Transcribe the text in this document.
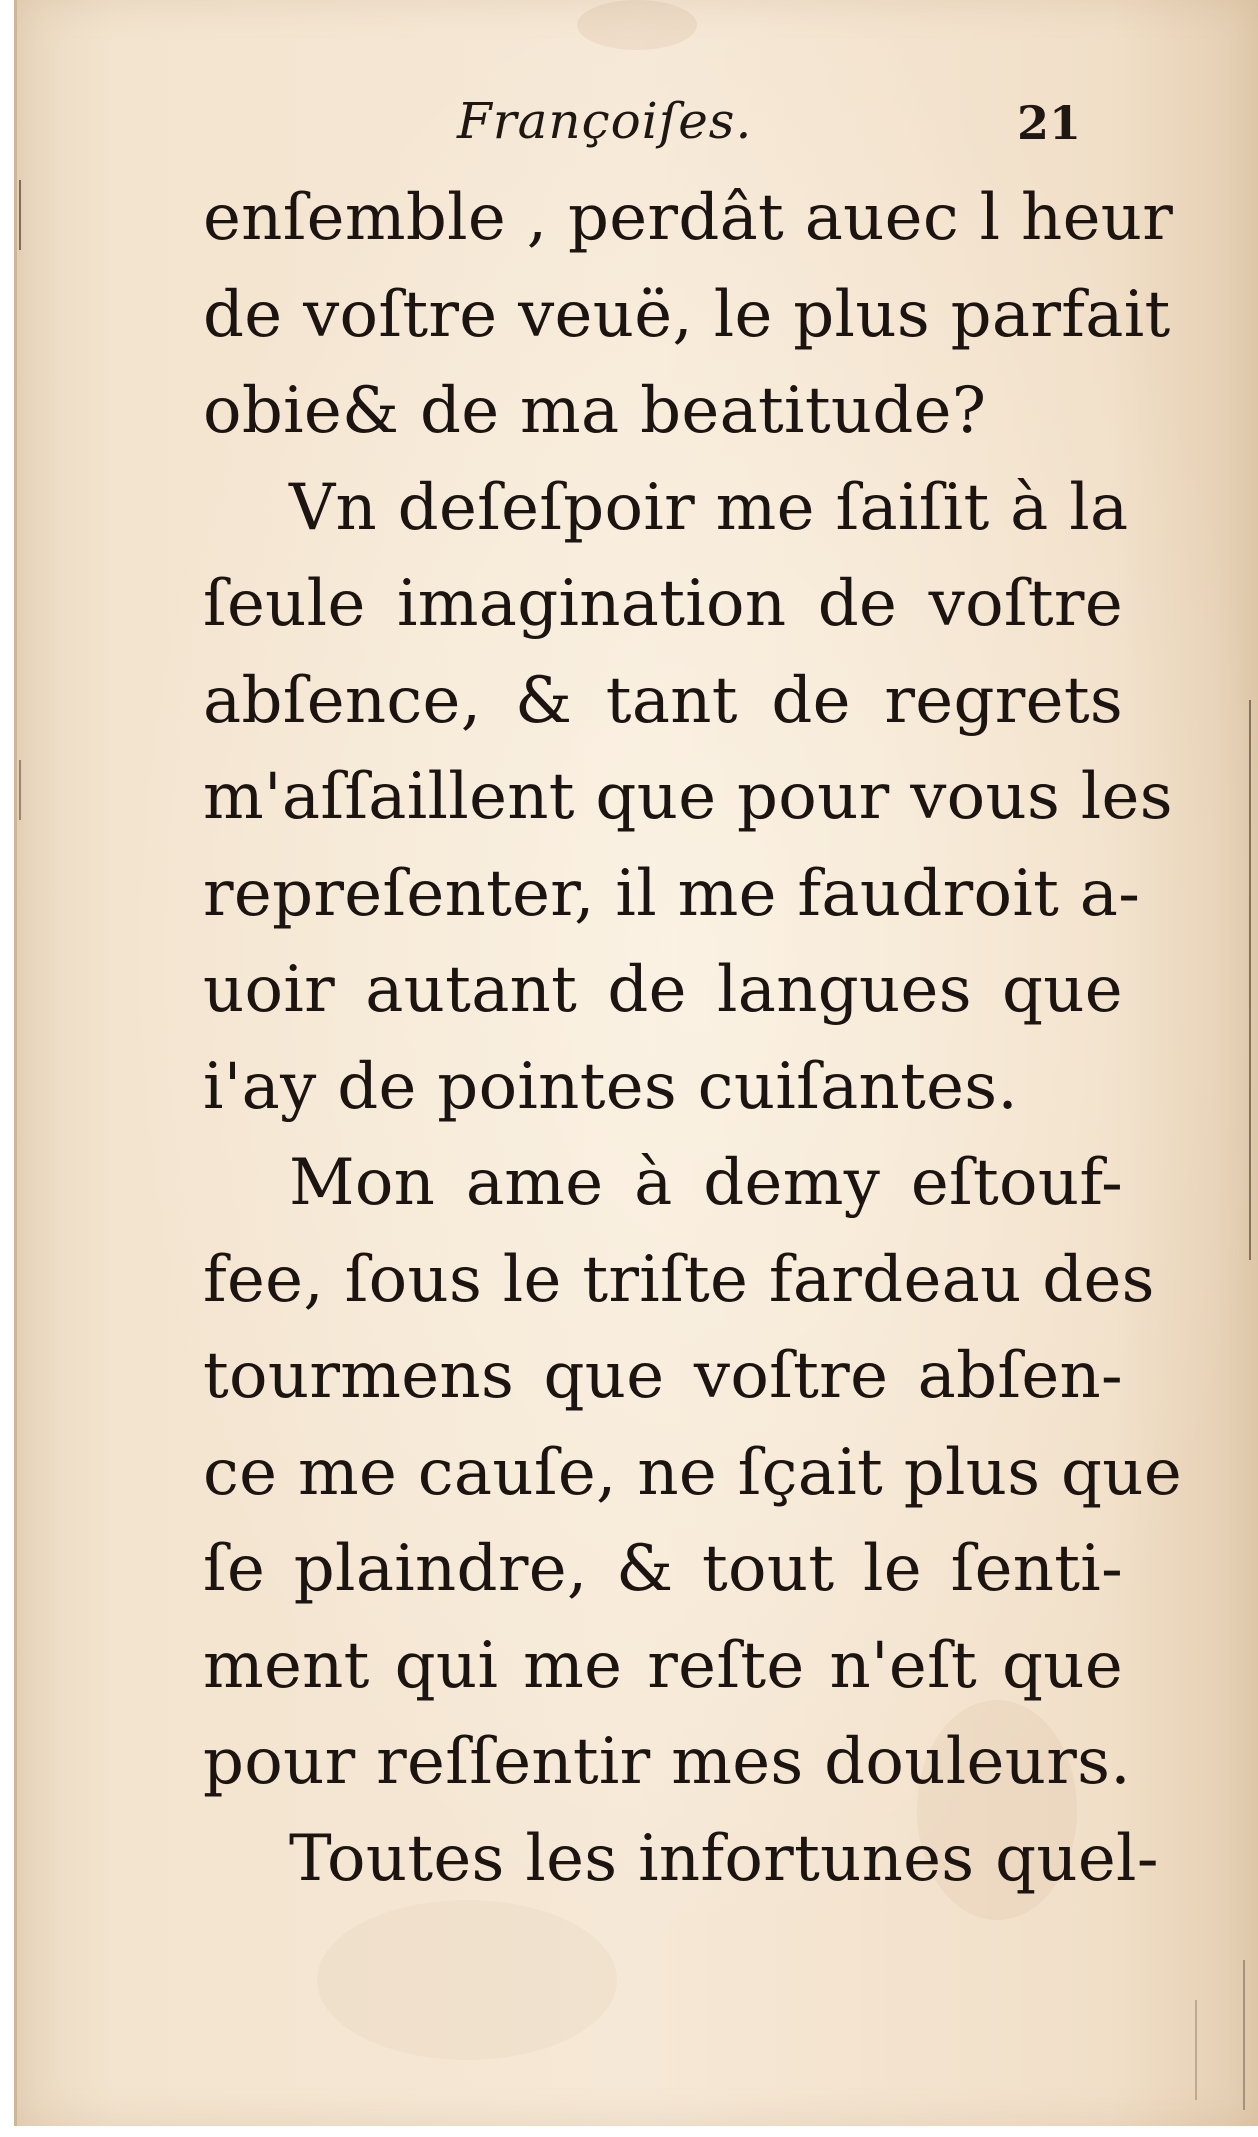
Françoiſes.	21
enſemble , perdât auec l heur
de voſtre veuë, le plus parfait
obie& de ma beatitude?
Vn deſeſpoir me ſaiſit à la
ſeule imagination de voſtre
abſence, & tant de regrets
m'aſſaillent que pour vous les
repreſenter, il me faudroit a-
uoir autant de langues que
i'ay de pointes cuiſantes.
Mon ame à demy eſtouf-
fee, ſous le triſte fardeau des
tourmens que voſtre abſen-
ce me cauſe, ne ſçait plus que
ſe plaindre, & tout le ſenti-
ment qui me reſte n'eſt que
pour reſſentir mes douleurs.
Toutes les infortunes quel-
